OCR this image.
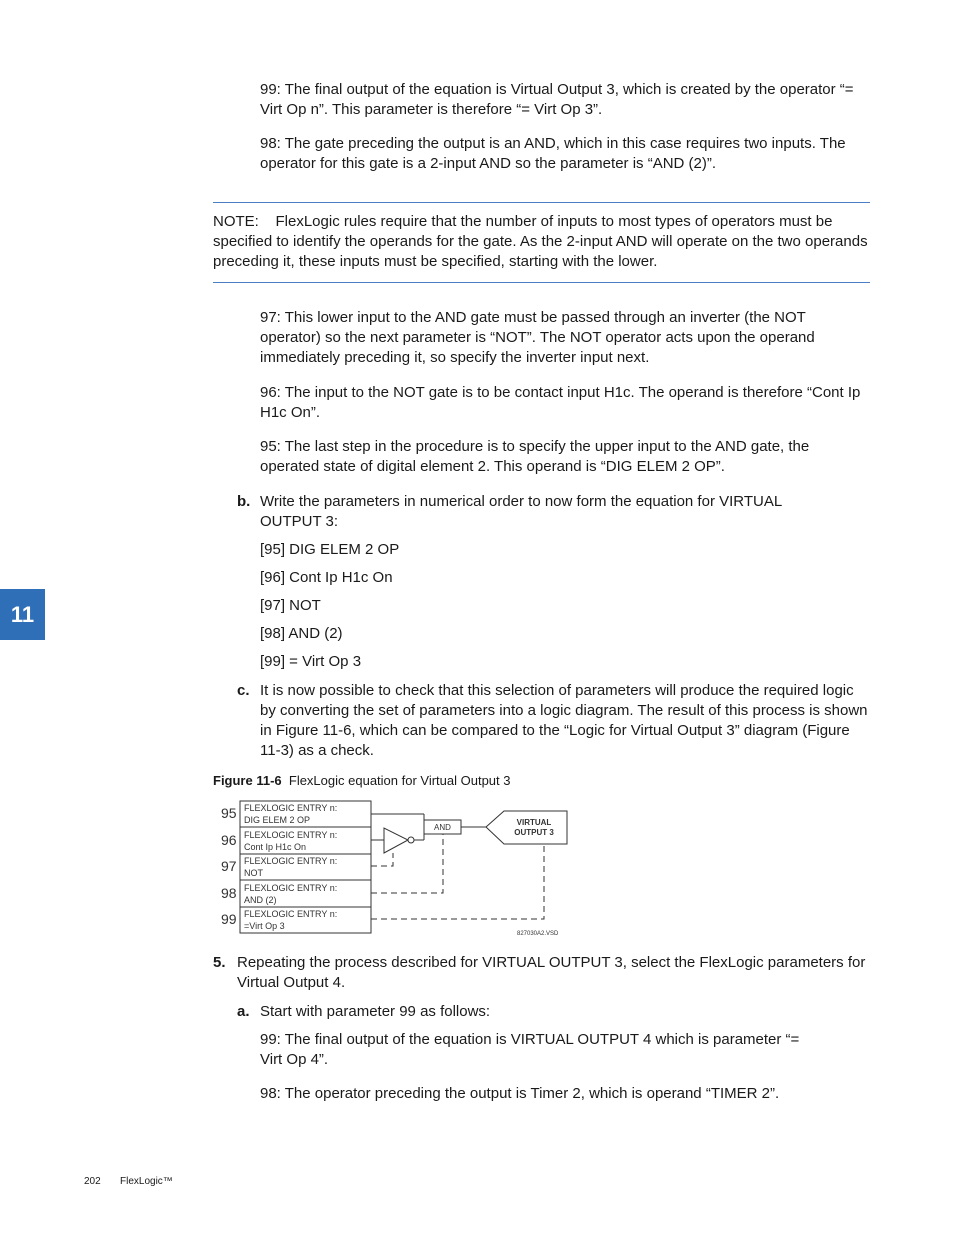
99: The final output of the equation is Virtual Output 3, which is created by the operator “= Virt Op n”. This parameter is therefore “= Virt Op 3”.

98: The gate preceding the output is an AND, which in this case requires two inputs. The operator for this gate is a 2-input AND so the parameter is “AND (2)”.

NOTE:    FlexLogic rules require that the number of inputs to most types of operators must be specified to identify the operands for the gate. As the 2-input AND will operate on the two operands preceding it, these inputs must be specified, starting with the lower.

97: This lower input to the AND gate must be passed through an inverter (the NOT operator) so the next parameter is “NOT”. The NOT operator acts upon the operand immediately preceding it, so specify the inverter input next.

96: The input to the NOT gate is to be contact input H1c. The operand is therefore “Cont Ip H1c On”.

95: The last step in the procedure is to specify the upper input to the AND gate, the operated state of digital element 2. This operand is “DIG ELEM 2 OP”.

b. Write the parameters in numerical order to now form the equation for VIRTUAL OUTPUT 3:

[95] DIG ELEM 2 OP

[96] Cont Ip H1c On

[97] NOT

[98] AND (2)

[99] = Virt Op 3

c. It is now possible to check that this selection of parameters will produce the required logic by converting the set of parameters into a logic diagram. The result of this process is shown in Figure 11-6, which can be compared to the “Logic for Virtual Output 3” diagram (Figure 11-3) as a check.

Figure 11-6 FlexLogic equation for Virtual Output 3
95
96
97
98
99
FLEXLOGIC ENTRY n:
DIG ELEM 2 OP
FLEXLOGIC ENTRY n:
Cont Ip H1c On
FLEXLOGIC ENTRY n:
NOT
FLEXLOGIC ENTRY n:
AND (2)
FLEXLOGIC ENTRY n:
=Virt Op 3
AND
VIRTUAL
OUTPUT 3
827030A2.VSD
5. Repeating the process described for VIRTUAL OUTPUT 3, select the FlexLogic parameters for Virtual Output 4.

a. Start with parameter 99 as follows:

99: The final output of the equation is VIRTUAL OUTPUT 4 which is parameter “= Virt Op 4”.

98: The operator preceding the output is Timer 2, which is operand “TIMER 2”.

11
202 FlexLogic™
